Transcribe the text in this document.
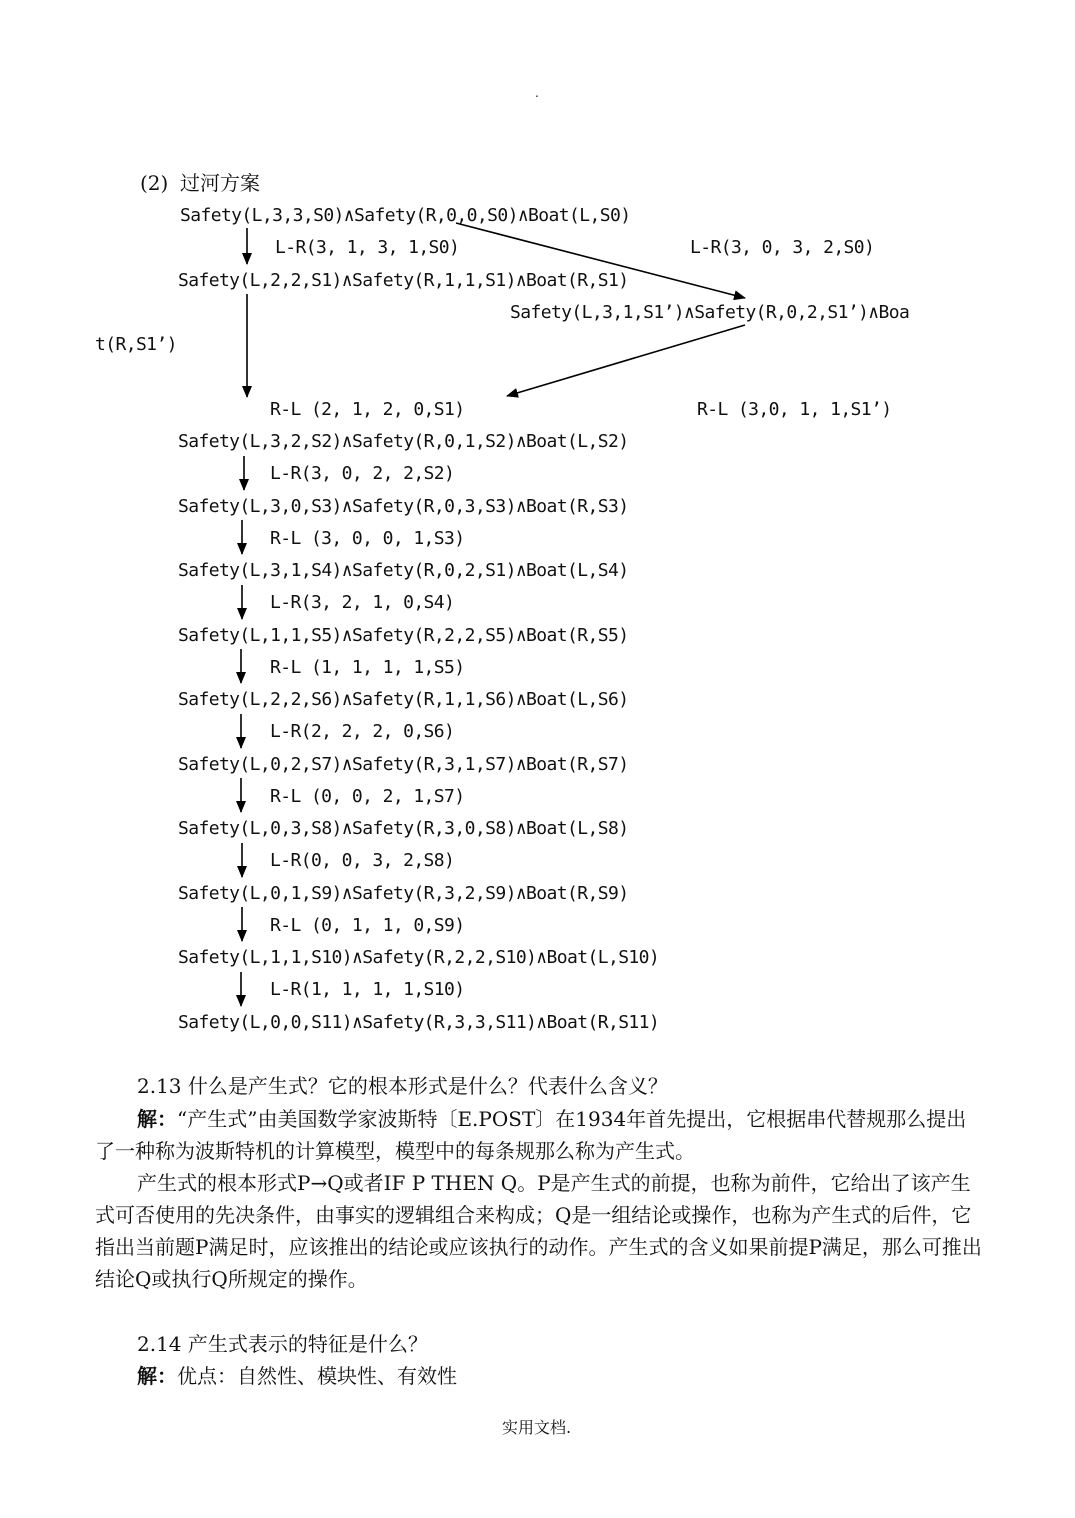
.
(2) 过河方案
Safety(L,3,3,S0)∧Safety(R,0,0,S0)∧Boat(L,S0)
Safety(L,2,2,S1)∧Safety(R,1,1,S1)∧Boat(R,S1)
Safety(L,3,2,S2)∧Safety(R,0,1,S2)∧Boat(L,S2)
Safety(L,3,0,S3)∧Safety(R,0,3,S3)∧Boat(R,S3)
Safety(L,3,1,S4)∧Safety(R,0,2,S1)∧Boat(L,S4)
Safety(L,1,1,S5)∧Safety(R,2,2,S5)∧Boat(R,S5)
Safety(L,2,2,S6)∧Safety(R,1,1,S6)∧Boat(L,S6)
Safety(L,0,2,S7)∧Safety(R,3,1,S7)∧Boat(R,S7)
Safety(L,0,3,S8)∧Safety(R,3,0,S8)∧Boat(L,S8)
Safety(L,0,1,S9)∧Safety(R,3,2,S9)∧Boat(R,S9)
Safety(L,1,1,S10)∧Safety(R,2,2,S10)∧Boat(L,S10)
Safety(L,0,0,S11)∧Safety(R,3,3,S11)∧Boat(R,S11)
L-R(3, 1, 3, 1,S0)
R-L (2, 1, 2, 0,S1)
L-R(3, 0, 2, 2,S2)
R-L (3, 0, 0, 1,S3)
L-R(3, 2, 1, 0,S4)
R-L (1, 1, 1, 1,S5)
L-R(2, 2, 2, 0,S6)
R-L (0, 0, 2, 1,S7)
L-R(0, 0, 3, 2,S8)
R-L (0, 1, 1, 0,S9)
L-R(1, 1, 1, 1,S10)
L-R(3, 0, 3, 2,S0)
Safety(L,3,1,S1’)∧Safety(R,0,2,S1’)∧Boa
t(R,S1’)
R-L (3,0, 1, 1,S1’)
2.13 什么是产生式？它的根本形式是什么？代表什么含义？
解：“产生式”由美国数学家波斯特〔E.POST〕在1934年首先提出，它根据串代替规那么提出了一种称为波斯特机的计算模型，模型中的每条规那么称为产生式。
产生式的根本形式P→Q或者IF P THEN Q。P是产生式的前提，也称为前件，它给出了该产生式可否使用的先决条件，由事实的逻辑组合来构成；Q是一组结论或操作，也称为产生式的后件，它指出当前题P满足时，应该推出的结论或应该执行的动作。产生式的含义如果前提P满足，那么可推出结论Q或执行Q所规定的操作。
2.14 产生式表示的特征是什么？
解：优点：自然性、模块性、有效性
实用文档.
